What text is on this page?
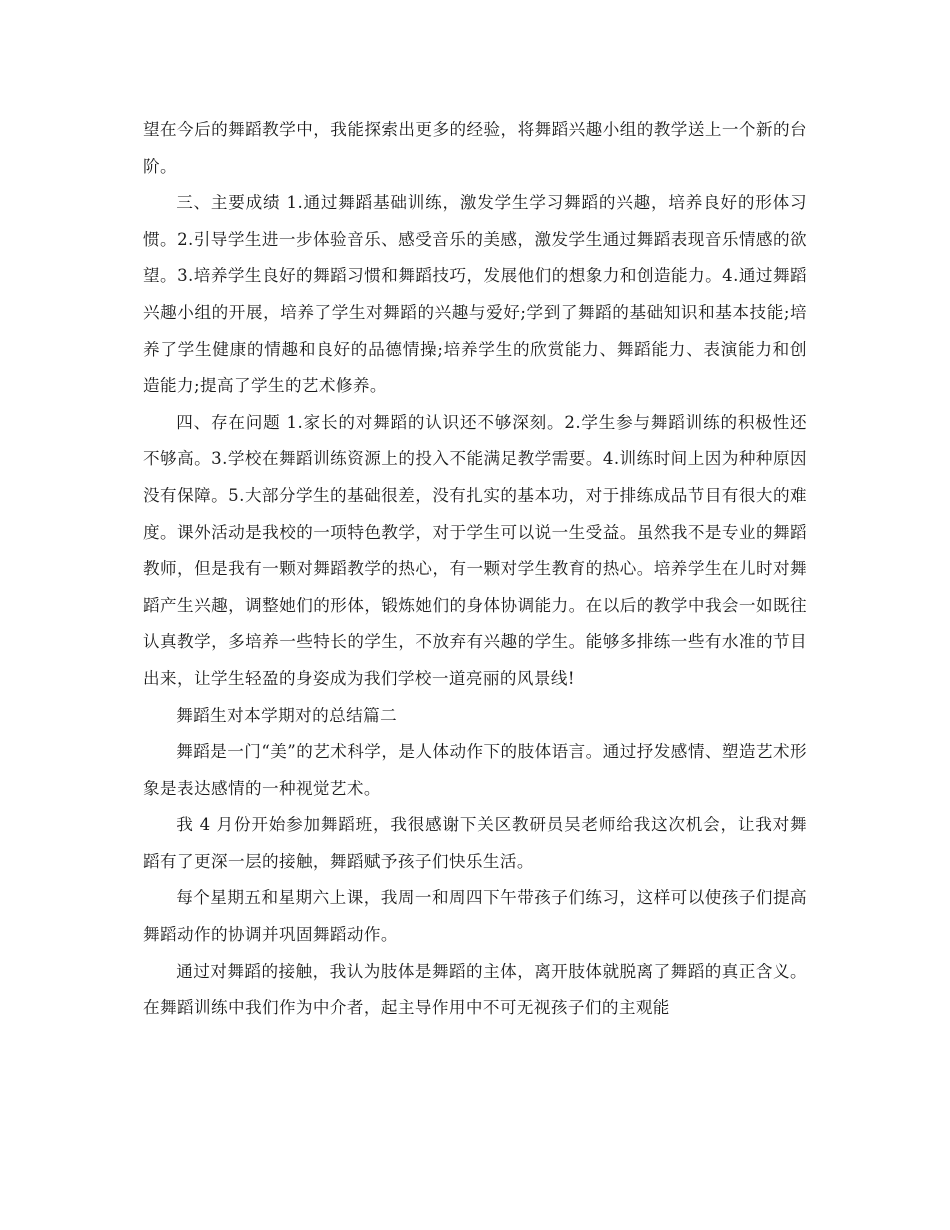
望在今后的舞蹈教学中，我能探索出更多的经验，将舞蹈兴趣小组的教学送上一个新的台阶。

三、主要成绩 1.通过舞蹈基础训练，激发学生学习舞蹈的兴趣，培养良好的形体习惯。2.引导学生进一步体验音乐、感受音乐的美感，激发学生通过舞蹈表现音乐情感的欲望。3.培养学生良好的舞蹈习惯和舞蹈技巧，发展他们的想象力和创造能力。4.通过舞蹈兴趣小组的开展，培养了学生对舞蹈的兴趣与爱好;学到了舞蹈的基础知识和基本技能;培养了学生健康的情趣和良好的品德情操;培养学生的欣赏能力、舞蹈能力、表演能力和创造能力;提高了学生的艺术修养。

四、存在问题 1.家长的对舞蹈的认识还不够深刻。2.学生参与舞蹈训练的积极性还不够高。3.学校在舞蹈训练资源上的投入不能满足教学需要。4.训练时间上因为种种原因没有保障。5.大部分学生的基础很差，没有扎实的基本功，对于排练成品节目有很大的难度。课外活动是我校的一项特色教学，对于学生可以说一生受益。虽然我不是专业的舞蹈教师，但是我有一颗对舞蹈教学的热心，有一颗对学生教育的热心。培养学生在儿时对舞蹈产生兴趣，调整她们的形体，锻炼她们的身体协调能力。在以后的教学中我会一如既往认真教学，多培养一些特长的学生，不放弃有兴趣的学生。能够多排练一些有水准的节目出来，让学生轻盈的身姿成为我们学校一道亮丽的风景线!

舞蹈生对本学期对的总结篇二

舞蹈是一门“美”的艺术科学，是人体动作下的肢体语言。通过抒发感情、塑造艺术形象是表达感情的一种视觉艺术。

我 4 月份开始参加舞蹈班，我很感谢下关区教研员吴老师给我这次机会，让我对舞蹈有了更深一层的接触，舞蹈赋予孩子们快乐生活。

每个星期五和星期六上课，我周一和周四下午带孩子们练习，这样可以使孩子们提高舞蹈动作的协调并巩固舞蹈动作。

通过对舞蹈的接触，我认为肢体是舞蹈的主体，离开肢体就脱离了舞蹈的真正含义。在舞蹈训练中我们作为中介者，起主导作用中不可无视孩子们的主观能
